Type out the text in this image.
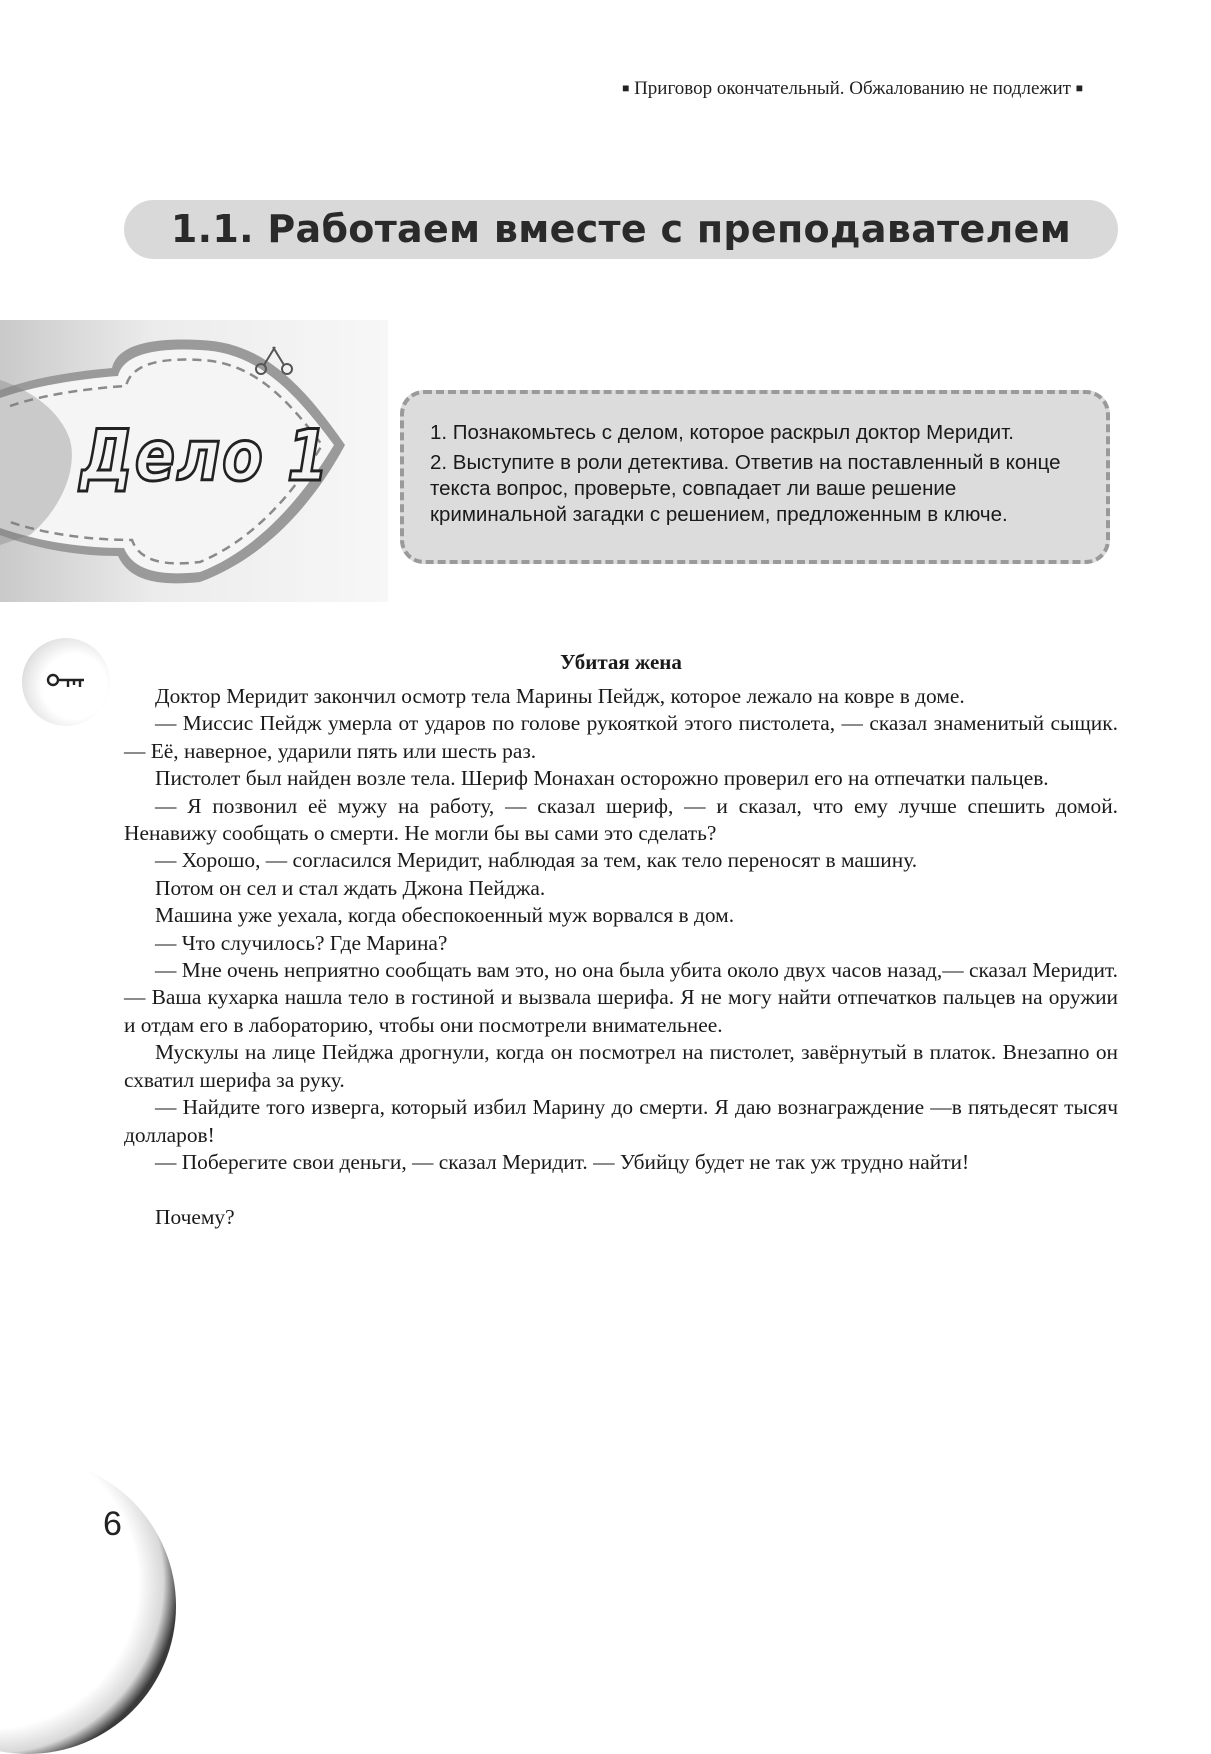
■ Приговор окончательный. Обжалованию не подлежит ■
1.1. Работаем вместе с преподавателем
Дело 1	1. Познакомьтесь с делом, которое раскрыл доктор Меридит.

2. Выступите в роли детектива. Ответив на поставленный в конце текста вопрос, проверьте, совпадает ли ваше решение криминальной загадки с решением, предложенным в ключе.

Убитая жена

Доктор Меридит закончил осмотр тела Марины Пейдж, которое лежало на ковре в доме.

— Миссис Пейдж умерла от ударов по голове рукояткой этого пистолета, — сказал знаменитый сыщик. — Её, наверное, ударили пять или шесть раз.

Пистолет был найден возле тела. Шериф Монахан осторожно проверил его на отпечатки пальцев.

— Я позвонил её мужу на работу, — сказал шериф, — и сказал, что ему лучше спешить домой. Ненавижу сообщать о смерти. Не могли бы вы сами это сделать?

— Хорошо, — согласился Меридит, наблюдая за тем, как тело переносят в машину.

Потом он сел и стал ждать Джона Пейджа.

Машина уже уехала, когда обеспокоенный муж ворвался в дом.

— Что случилось? Где Марина?

— Мне очень неприятно сообщать вам это, но она была убита около двух часов назад,— сказал Меридит. — Ваша кухарка нашла тело в гостиной и вызвала шерифа. Я не могу найти отпечатков пальцев на оружии и отдам его в лабораторию, чтобы они посмотрели внимательнее.

Мускулы на лице Пейджа дрогнули, когда он посмотрел на пистолет, завёрнутый в платок. Внезапно он схватил шерифа за руку.

— Найдите того изверга, который избил Марину до смерти. Я даю вознаграждение —в пятьдесят тысяч долларов!

— Поберегите свои деньги, — сказал Меридит. — Убийцу будет не так уж трудно найти!

Почему?

6
